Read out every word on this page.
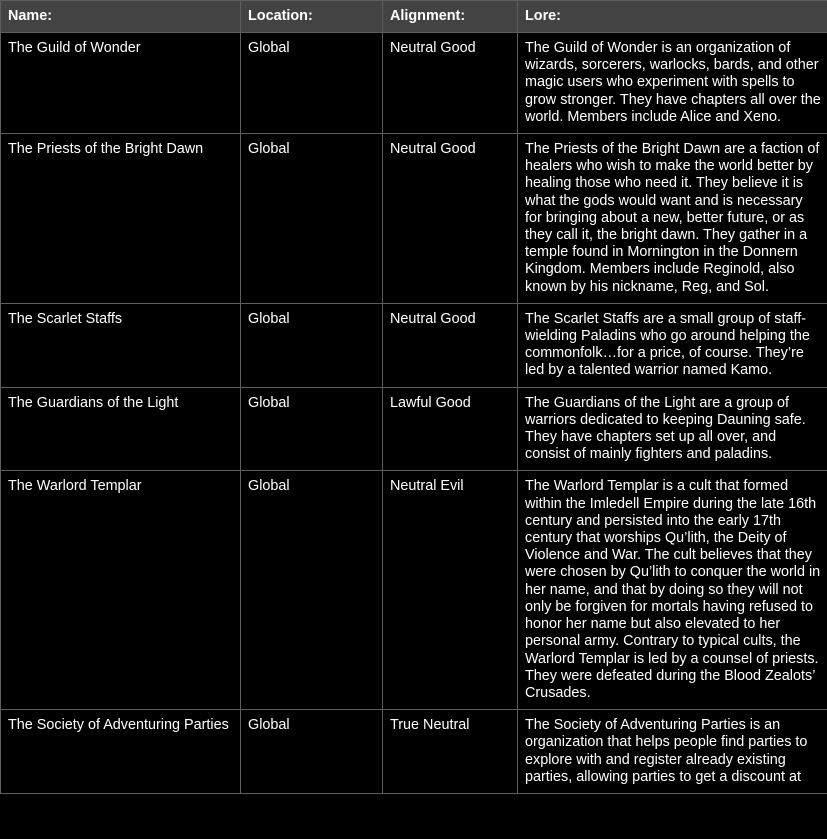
Name:	Location:	Alignment:	Lore:
The Guild of Wonder	Global	Neutral Good	The Guild of Wonder is an organization of wizards, sorcerers, warlocks, bards, and other magic users who experiment with spells to grow stronger. They have chapters all over the world. Members include Alice and Xeno.
The Priests of the Bright Dawn	Global	Neutral Good	The Priests of the Bright Dawn are a faction of healers who wish to make the world better by healing those who need it. They believe it is what the gods would want and is necessary for bringing about a new, better future, or as they call it, the bright dawn. They gather in a temple found in Mornington in the Donnern Kingdom. Members include Reginold, also known by his nickname, Reg, and Sol.
The Scarlet Staffs	Global	Neutral Good	The Scarlet Staffs are a small group of staff-wielding Paladins who go around helping the commonfolk…for a price, of course. They’re led by a talented warrior named Kamo.
The Guardians of the Light	Global	Lawful Good	The Guardians of the Light are a group of warriors dedicated to keeping Dauning safe. They have chapters set up all over, and consist of mainly fighters and paladins.
The Warlord Templar	Global	Neutral Evil	The Warlord Templar is a cult that formed within the Imledell Empire during the late 16th century and persisted into the early 17th century that worships Qu’lith, the Deity of Violence and War. The cult believes that they were chosen by Qu’lith to conquer the world in her name, and that by doing so they will not only be forgiven for mortals having refused to honor her name but also elevated to her personal army. Contrary to typical cults, the Warlord Templar is led by a counsel of priests. They were defeated during the Blood Zealots’ Crusades.
The Society of Adventuring Parties	Global	True Neutral	The Society of Adventuring Parties is an organization that helps people find parties to explore with and register already existing parties, allowing parties to get a discount at
